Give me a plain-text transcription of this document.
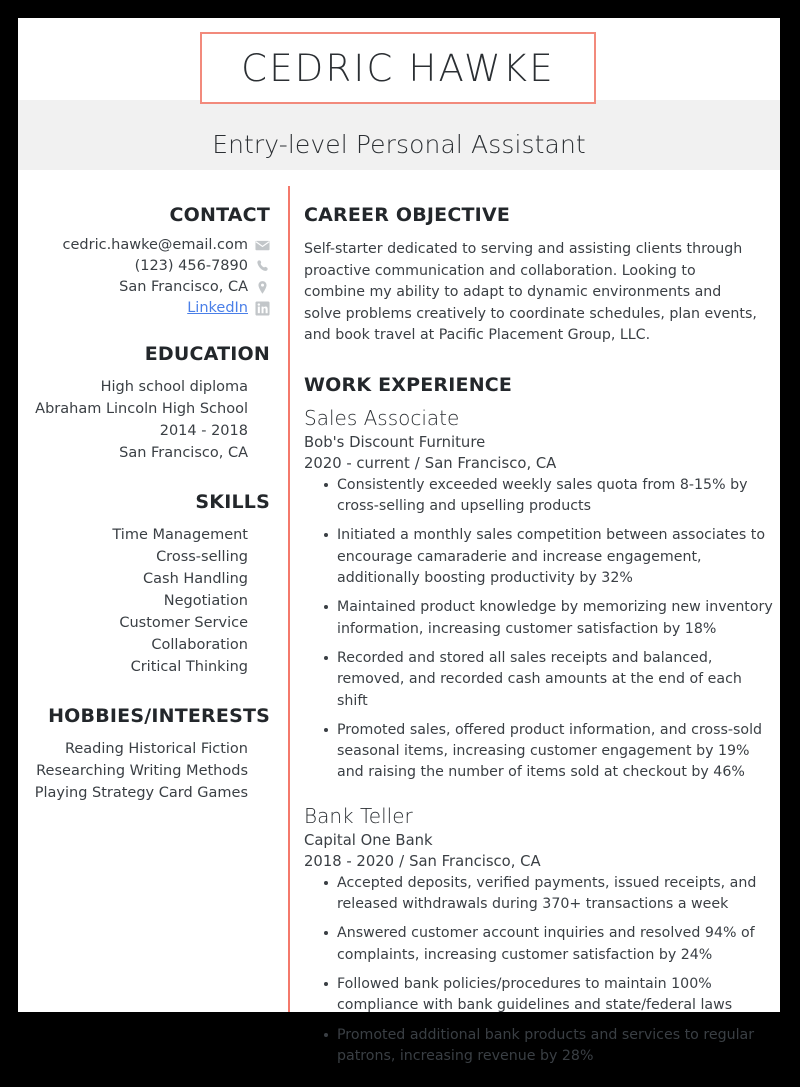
CEDRIC HAWKE
Entry-level Personal Assistant
CONTACT
cedric.hawke@email.com
(123) 456-7890
San Francisco, CA
LinkedIn
EDUCATION
High school diploma
Abraham Lincoln High School
2014 - 2018
San Francisco, CA
SKILLS
Time Management
Cross-selling
Cash Handling
Negotiation
Customer Service
Collaboration
Critical Thinking
HOBBIES/INTERESTS
Reading Historical Fiction
Researching Writing Methods
Playing Strategy Card Games
CAREER OBJECTIVE

Self-starter dedicated to serving and assisting clients through proactive communication and collaboration. Looking to combine my ability to adapt to dynamic environments and solve problems creatively to coordinate schedules, plan events, and book travel at Pacific Placement Group, LLC.

WORK EXPERIENCE
Sales Associate
Bob's Discount Furniture
2020 - current / San Francisco, CA
Consistently exceeded weekly sales quota from 8-15% by cross-selling and upselling products
Initiated a monthly sales competition between associates to encourage camaraderie and increase engagement, additionally boosting productivity by 32%
Maintained product knowledge by memorizing new inventory information, increasing customer satisfaction by 18%
Recorded and stored all sales receipts and balanced, removed, and recorded cash amounts at the end of each shift
Promoted sales, offered product information, and cross-sold seasonal items, increasing customer engagement by 19% and raising the number of items sold at checkout by 46%
Bank Teller
Capital One Bank
2018 - 2020 / San Francisco, CA
Accepted deposits, verified payments, issued receipts, and released withdrawals during 370+ transactions a week
Answered customer account inquiries and resolved 94% of complaints, increasing customer satisfaction by 24%
Followed bank policies/procedures to maintain 100% compliance with bank guidelines and state/federal laws
Promoted additional bank products and services to regular patrons, increasing revenue by 28%
